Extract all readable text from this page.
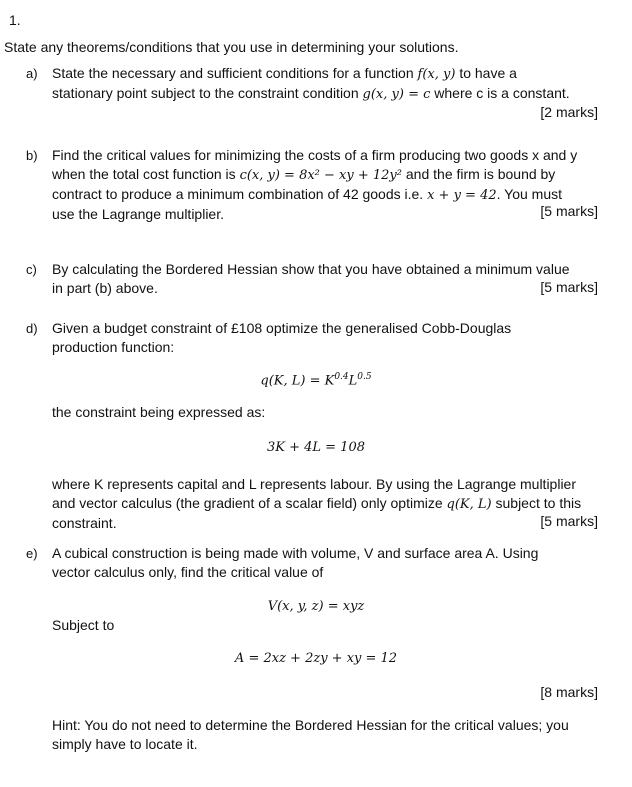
1.
State any theorems/conditions that you use in determining your solutions.
a) State the necessary and sufficient conditions for a function f(x, y) to have a
stationary point subject to the constraint condition g(x, y) = c where c is a constant.
[2 marks]
b) Find the critical values for minimizing the costs of a firm producing two goods x and y
when the total cost function is c(x, y) = 8x² − xy + 12y² and the firm is bound by
contract to produce a minimum combination of 42 goods i.e. x + y = 42. You must
use the Lagrange multiplier.	[5 marks]
c) By calculating the Bordered Hessian show that you have obtained a minimum value
in part (b) above.	[5 marks]
d) Given a budget constraint of £108 optimize the generalised Cobb-Douglas
production function:
q(K, $L) = K^{0.4}L^{0.5}$
the constraint being expressed as:
3K + 4L = 108
where K represents capital and L represents labour. By using the Lagrange multiplier
and vector calculus (the gradient of a scalar field) only optimize q(K, L) subject to this
constraint.	[5 marks]
e) A cubical construction is being made with volume, V and surface area A. Using
vector calculus only, find the critical value of
V(x, y, z) = xyz
Subject to
A = 2xz + 2zy + xy = 12
[8 marks]
Hint: You do not need to determine the Bordered Hessian for the critical values; you
simply have to locate it.
